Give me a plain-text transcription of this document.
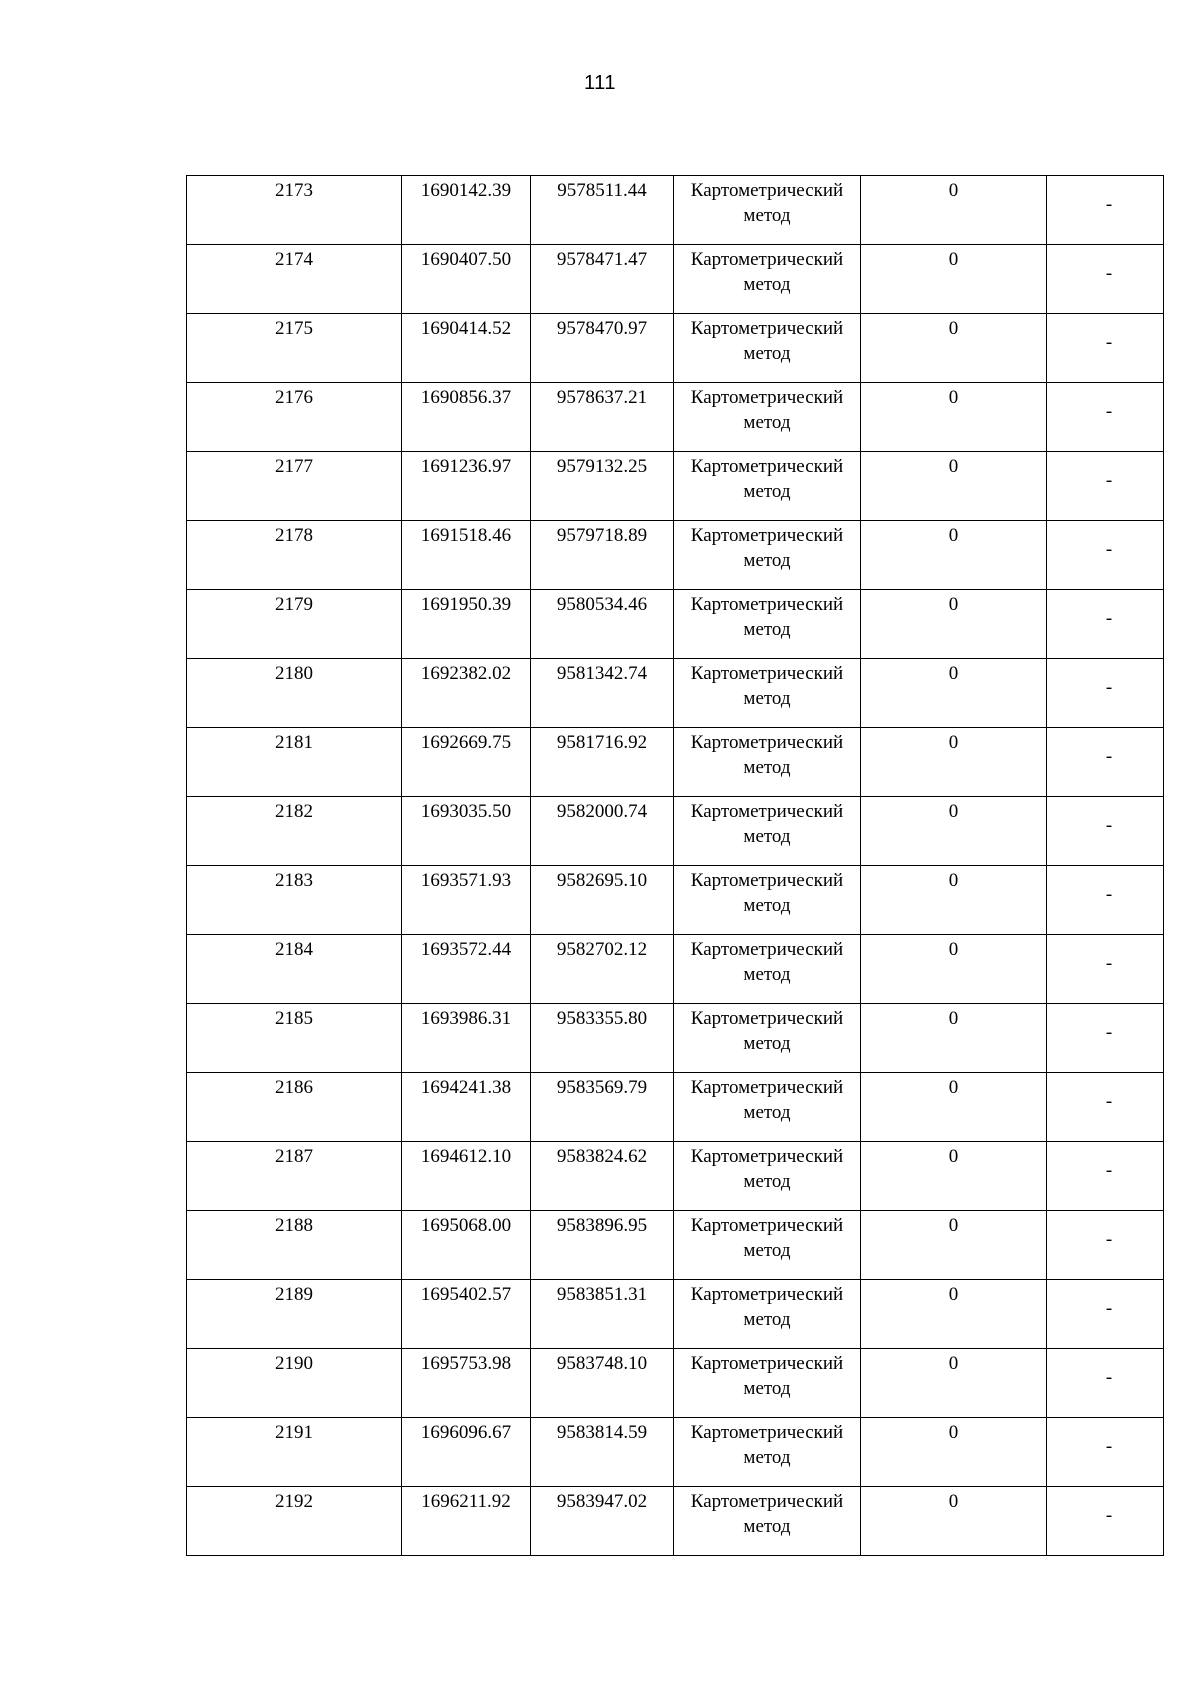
111
2173	1690142.39	9578511.44	Картометрический метод	0	-

2174	1690407.50	9578471.47	Картометрический метод	0	-

2175	1690414.52	9578470.97	Картометрический метод	0	-

2176	1690856.37	9578637.21	Картометрический метод	0	-

2177	1691236.97	9579132.25	Картометрический метод	0	-

2178	1691518.46	9579718.89	Картометрический метод	0	-

2179	1691950.39	9580534.46	Картометрический метод	0	-

2180	1692382.02	9581342.74	Картометрический метод	0	-

2181	1692669.75	9581716.92	Картометрический метод	0	-

2182	1693035.50	9582000.74	Картометрический метод	0	-

2183	1693571.93	9582695.10	Картометрический метод	0	-

2184	1693572.44	9582702.12	Картометрический метод	0	-

2185	1693986.31	9583355.80	Картометрический метод	0	-

2186	1694241.38	9583569.79	Картометрический метод	0	-

2187	1694612.10	9583824.62	Картометрический метод	0	-

2188	1695068.00	9583896.95	Картометрический метод	0	-

2189	1695402.57	9583851.31	Картометрический метод	0	-

2190	1695753.98	9583748.10	Картометрический метод	0	-

2191	1696096.67	9583814.59	Картометрический метод	0	-

2192	1696211.92	9583947.02	Картометрический метод	0	-
